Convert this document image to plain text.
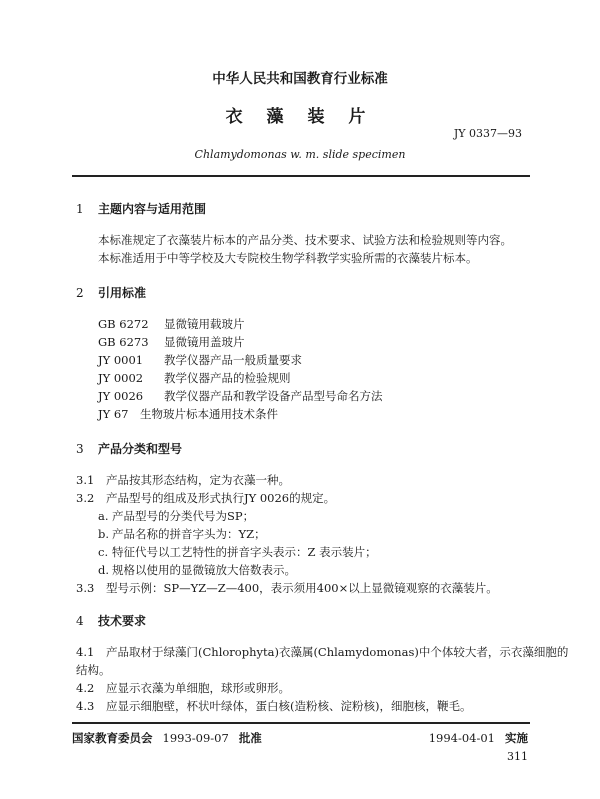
中华人民共和国教育行业标准
衣 藻 装 片
JY 0337—93
Chlamydomonas w. m. slide specimen
1 主题内容与适用范围
本标准规定了衣藻装片标本的产品分类、技术要求、试验方法和检验规则等内容。
本标准适用于中等学校及大专院校生物学科教学实验所需的衣藻装片标本。
2 引用标准
GB 6272 显微镜用载玻片
GB 6273 显微镜用盖玻片
JY 0001 教学仪器产品一般质量要求
JY 0002 教学仪器产品的检验规则
JY 0026 教学仪器产品和教学设备产品型号命名方法
JY 67 生物玻片标本通用技术条件
3 产品分类和型号
3.1 产品按其形态结构，定为衣藻一种。
3.2 产品型号的组成及形式执行JY 0026的规定。
a. 产品型号的分类代号为SP；
b. 产品名称的拼音字头为：YZ；
c. 特征代号以工艺特性的拼音字头表示：Z 表示装片；
d. 规格以使用的显微镜放大倍数表示。
3.3 型号示例：SP—YZ—Z—400，表示须用400×以上显微镜观察的衣藻装片。
4 技术要求
4.1 产品取材于绿藻门(Chlorophyta)衣藻属(Chlamydomonas)中个体较大者，示衣藻细胞的
结构。
4.2 应显示衣藻为单细胞，球形或卵形。
4.3 应显示细胞壁，杯状叶绿体，蛋白核(造粉核、淀粉核)，细胞核，鞭毛。
国家教育委员会 1993-09-07 批准	1994-04-01 实施
311
